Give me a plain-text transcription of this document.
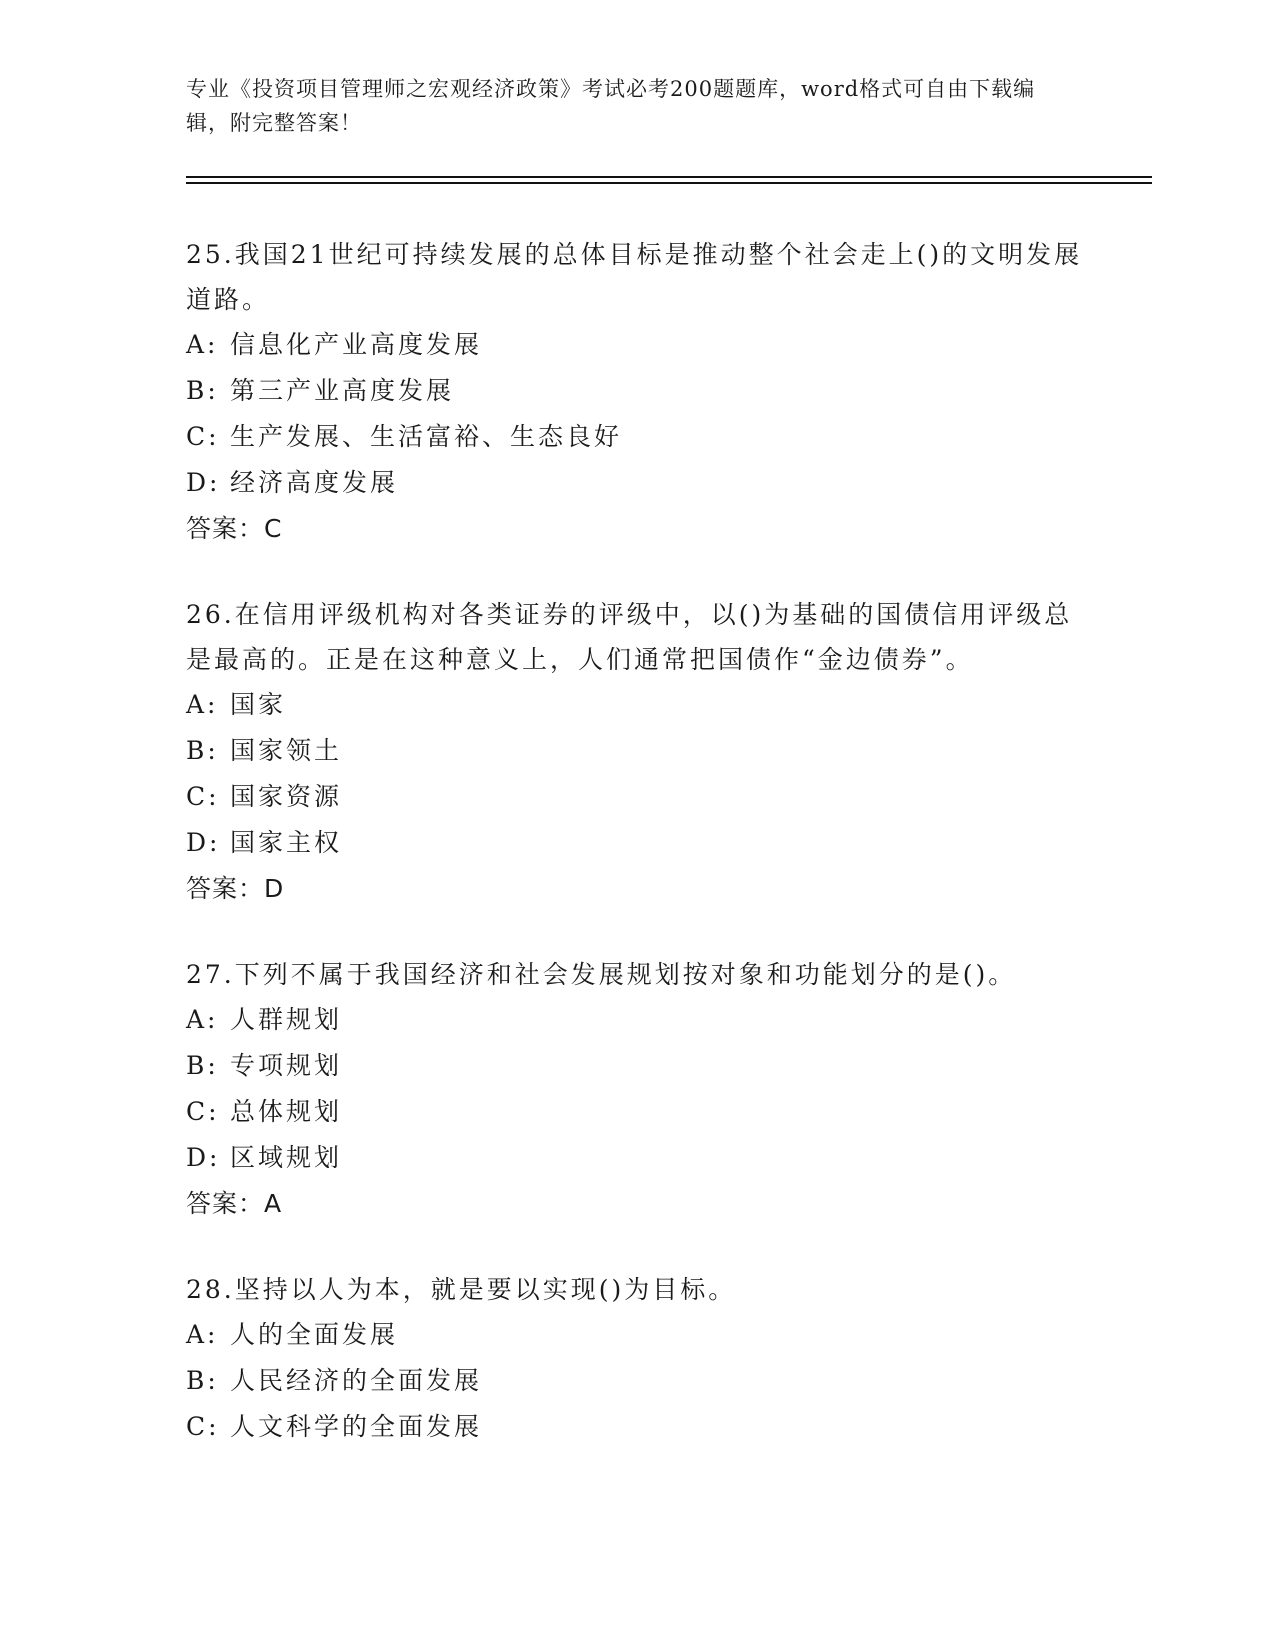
专业《投资项目管理师之宏观经济政策》考试必考200题题库，word格式可自由下载编辑，附完整答案！

25.我国21世纪可持续发展的总体目标是推动整个社会走上()的文明发展道路。

A: 信息化产业高度发展

B: 第三产业高度发展

C: 生产发展、生活富裕、生态良好

D: 经济高度发展

答案：C

26.在信用评级机构对各类证券的评级中，以()为基础的国债信用评级总是最高的。正是在这种意义上，人们通常把国债作“金边债券”。

A: 国家

B: 国家领土

C: 国家资源

D: 国家主权

答案：D

27.下列不属于我国经济和社会发展规划按对象和功能划分的是()。

A: 人群规划

B: 专项规划

C: 总体规划

D: 区域规划

答案：A

28.坚持以人为本，就是要以实现()为目标。

A: 人的全面发展

B: 人民经济的全面发展

C: 人文科学的全面发展
